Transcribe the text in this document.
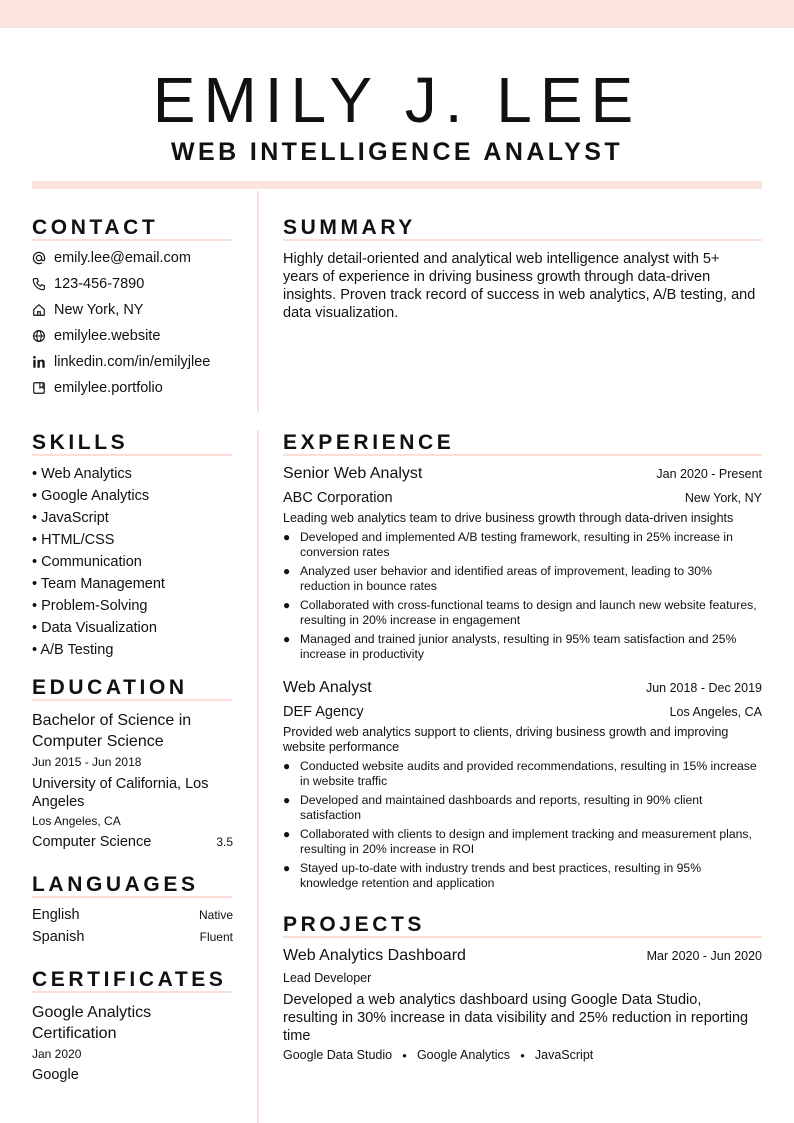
EMILY J. LEE
WEB INTELLIGENCE ANALYST
CONTACT
emily.lee@email.com
123-456-7890
New York, NY
emilylee.website
linkedin.com/in/emilyjlee
emilylee.portfolio
SKILLS
• Web Analytics
• Google Analytics
• JavaScript
• HTML/CSS
• Communication
• Team Management
• Problem-Solving
• Data Visualization
• A/B Testing
EDUCATION
Bachelor of Science in Computer Science
Jun 2015 - Jun 2018
University of California, Los Angeles
Los Angeles, CA
Computer Science	3.5
LANGUAGES
English	Native
Spanish	Fluent
CERTIFICATES
Google Analytics Certification
Jan 2020
Google
SUMMARY
Highly detail-oriented and analytical web intelligence analyst with 5+ years of experience in driving business growth through data-driven insights. Proven track record of success in web analytics, A/B testing, and data visualization.
EXPERIENCE
Senior Web Analyst	Jan 2020 - Present
ABC Corporation	New York, NY
Leading web analytics team to drive business growth through data-driven insights
● Developed and implemented A/B testing framework, resulting in 25% increase in conversion rates
● Analyzed user behavior and identified areas of improvement, leading to 30% reduction in bounce rates
● Collaborated with cross-functional teams to design and launch new website features, resulting in 20% increase in engagement
● Managed and trained junior analysts, resulting in 95% team satisfaction and 25% increase in productivity
Web Analyst	Jun 2018 - Dec 2019
DEF Agency	Los Angeles, CA
Provided web analytics support to clients, driving business growth and improving website performance
● Conducted website audits and provided recommendations, resulting in 15% increase in website traffic
● Developed and maintained dashboards and reports, resulting in 90% client satisfaction
● Collaborated with clients to design and implement tracking and measurement plans, resulting in 20% increase in ROI
● Stayed up-to-date with industry trends and best practices, resulting in 95% knowledge retention and application
PROJECTS
Web Analytics Dashboard	Mar 2020 - Jun 2020
Lead Developer
Developed a web analytics dashboard using Google Data Studio, resulting in 30% increase in data visibility and 25% reduction in reporting time
Google Data Studio ● Google Analytics ● JavaScript
